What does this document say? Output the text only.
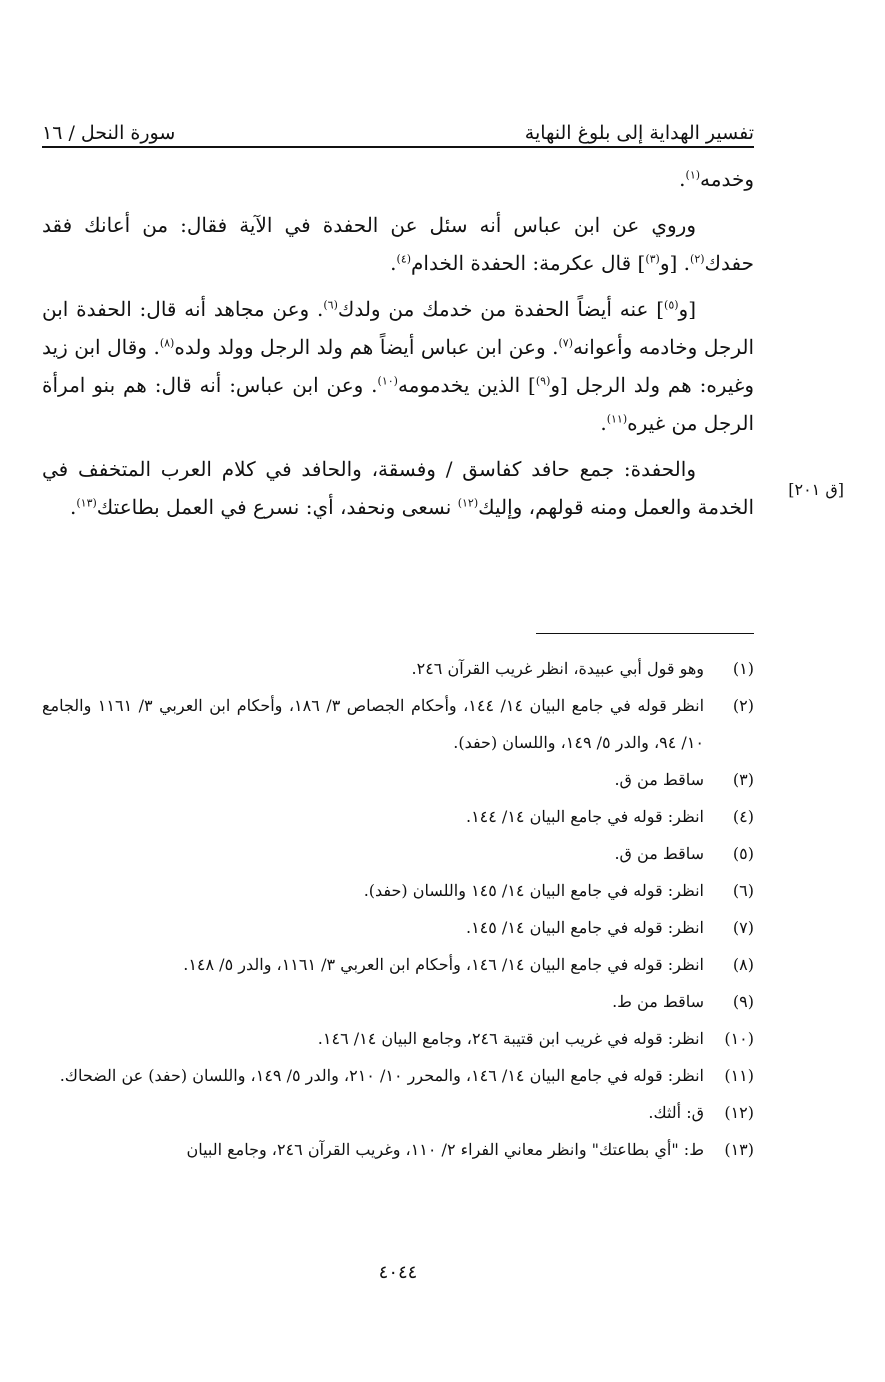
تفسير الهداية إلى بلوغ النهاية
سورة النحل / ١٦

وخدمه$^{(١)}$.

وروي عن ابن عباس أنه سئل عن الحفدة في الآية فقال: من أعانك فقد حفدك$^{(٢)}$. [و$^{(٣)}$] قال عكرمة: الحفدة الخدام$^{(٤)}$.

[و$^{(٥)}$] عنه أيضاً الحفدة من خدمك من ولدك$^{(٦)}$. وعن مجاهد أنه قال: الحفدة ابن الرجل وخادمه وأعوانه$^{(٧)}$. وعن ابن عباس أيضاً هم ولد الرجل وولد ولده$^{(٨)}$. وقال ابن زيد وغيره: هم ولد الرجل [و$^{(٩)}$] الذين يخدمومه$^{(١٠)}$. وعن ابن عباس: أنه قال: هم بنو امرأة الرجل من غيره$^{(١١)}$.

والحفدة: جمع حافد كفاسق / وفسقة، والحافد في كلام العرب المتخفف في الخدمة والعمل ومنه قولهم، وإليك$^{(١٢)}$ نسعى ونحفد، أي: نسرع في العمل بطاعتك$^{(١٣)}$.

[ق ٢٠١]
(١)
وهو قول أبي عبيدة، انظر غريب القرآن ٢٤٦.
(٢)
انظر قوله في جامع البيان ١٤/ ١٤٤، وأحكام الجصاص ٣/ ١٨٦، وأحكام ابن العربي ٣/ ١١٦١ والجامع ١٠/ ٩٤، والدر ٥/ ١٤٩، واللسان (حفد).
(٣)
ساقط من ق.
(٤)
انظر: قوله في جامع البيان ١٤/ ١٤٤.
(٥)
ساقط من ق.
(٦)
انظر: قوله في جامع البيان ١٤/ ١٤٥ واللسان (حفد).
(٧)
انظر: قوله في جامع البيان ١٤/ ١٤٥.
(٨)
انظر: قوله في جامع البيان ١٤/ ١٤٦، وأحكام ابن العربي ٣/ ١١٦١، والدر ٥/ ١٤٨.
(٩)
ساقط من ط.
(١٠)
انظر: قوله في غريب ابن قتيبة ٢٤٦، وجامع البيان ١٤/ ١٤٦.
(١١)
انظر: قوله في جامع البيان ١٤/ ١٤٦، والمحرر ١٠/ ٢١٠، والدر ٥/ ١٤٩، واللسان (حفد) عن الضحاك.
(١٢)
ق: ألثك.
(١٣)
ط: "أي بطاعتك" وانظر معاني الفراء ٢/ ١١٠، وغريب القرآن ٢٤٦، وجامع البيان
٤٠٤٤
